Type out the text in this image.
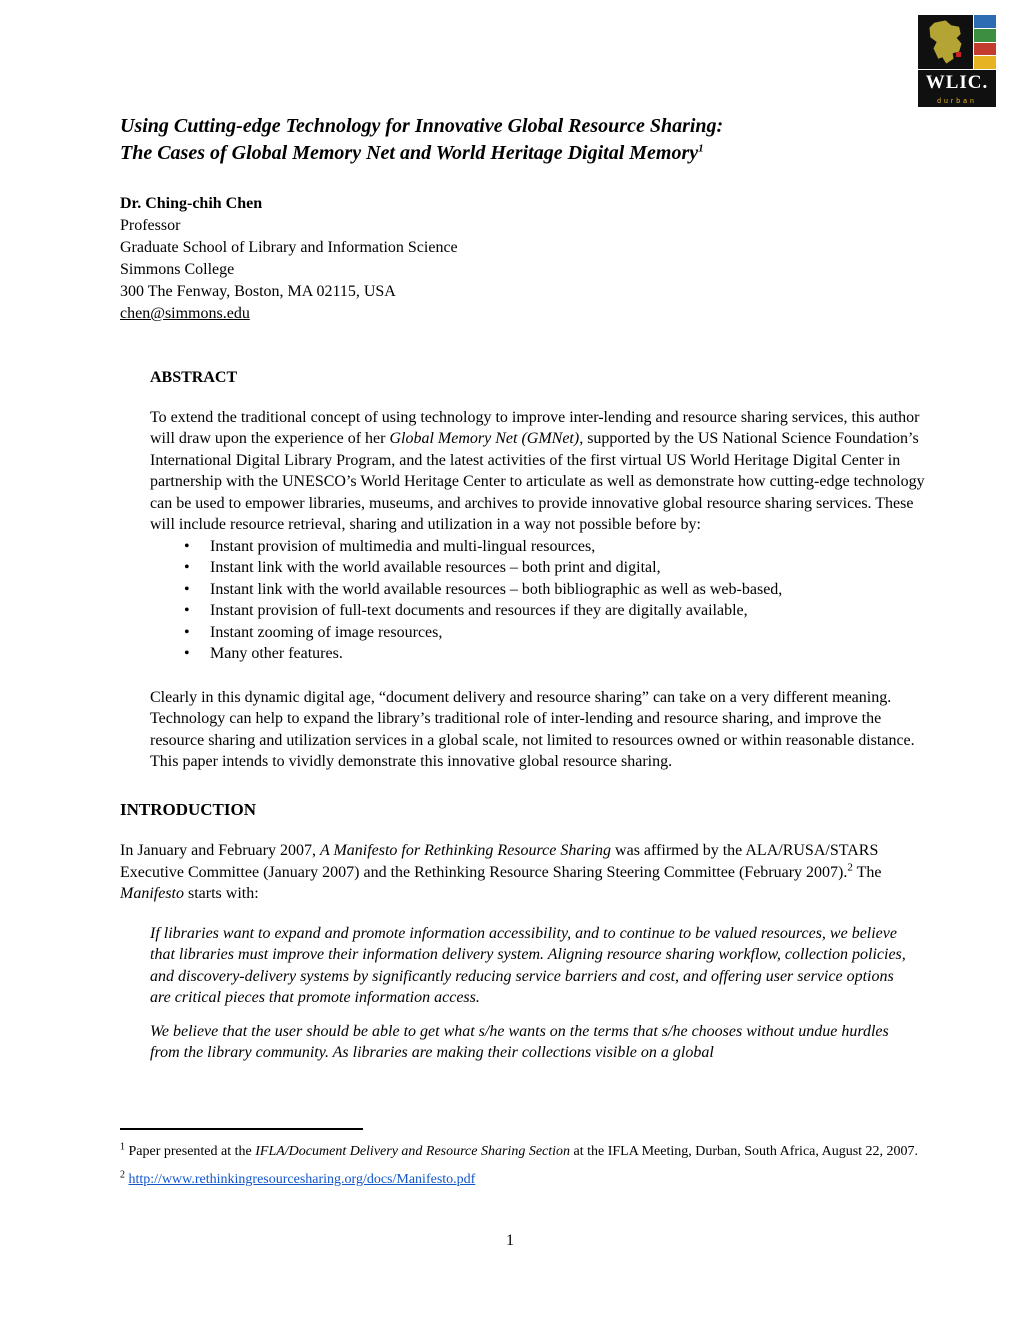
WLIC.
durban
Using Cutting-edge Technology for Innovative Global Resource Sharing:
The Cases of Global Memory Net and World Heritage Digital Memory$^1$

Dr. Ching-chih Chen

Professor

Graduate School of Library and Information Science

Simmons College

300 The Fenway, Boston, MA 02115, USA

chen@simmons.edu

ABSTRACT

To extend the traditional concept of using technology to improve inter-lending and resource sharing services, this author will draw upon the experience of her Global Memory Net (GMNet), supported by the US National Science Foundation’s International Digital Library Program, and the latest activities of the first virtual US World Heritage Digital Center in partnership with the UNESCO’s World Heritage Center to articulate as well as demonstrate how cutting-edge technology can be used to empower libraries, museums, and archives to provide innovative global resource sharing services. These will include resource retrieval, sharing and utilization in a way not possible before by:

• Instant provision of multimedia and multi-lingual resources,
• Instant link with the world available resources – both print and digital,
• Instant link with the world available resources – both bibliographic as well as web-based,
• Instant provision of full-text documents and resources if they are digitally available,
• Instant zooming of image resources,
• Many other features.

Clearly in this dynamic digital age, “document delivery and resource sharing” can take on a very different meaning. Technology can help to expand the library’s traditional role of inter-lending and resource sharing, and improve the resource sharing and utilization services in a global scale, not limited to resources owned or within reasonable distance. This paper intends to vividly demonstrate this innovative global resource sharing.

INTRODUCTION

In January and February 2007, A Manifesto for Rethinking Resource Sharing was affirmed by the ALA/RUSA/STARS Executive Committee (January 2007) and the Rethinking Resource Sharing Steering Committee (February 2007).$^2$ The Manifesto starts with:

If libraries want to expand and promote information accessibility, and to continue to be valued resources, we believe that libraries must improve their information delivery system. Aligning resource sharing workflow, collection policies, and discovery-delivery systems by significantly reducing service barriers and cost, and offering user service options are critical pieces that promote information access.

We believe that the user should be able to get what s/he wants on the terms that s/he chooses without undue hurdles from the library community. As libraries are making their collections visible on a global

$^1$ Paper presented at the IFLA/Document Delivery and Resource Sharing Section at the IFLA Meeting, Durban, South Africa, August 22, 2007.

$^2$ http://www.rethinkingresourcesharing.org/docs/Manifesto.pdf

1
